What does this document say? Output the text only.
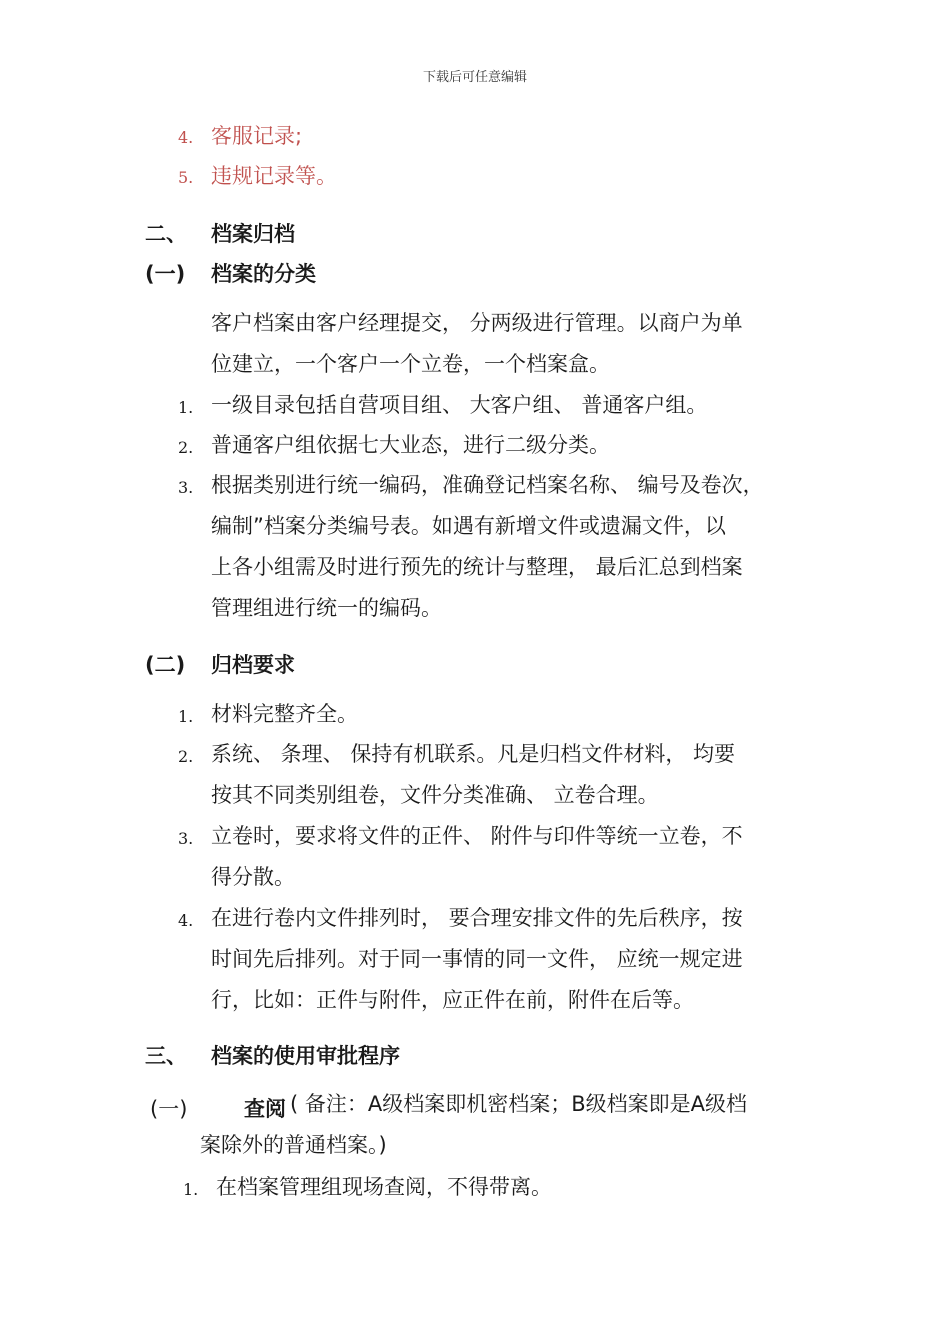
下载后可任意编辑
4. 客服记录;
5. 违规记录等。
二、 档案归档
(一) 档案的分类
客户档案由客户经理提交， 分两级进行管理。以商户为单
位建立，一个客户一个立卷，一个档案盒。
1. 一级目录包括自营项目组、 大客户组、 普通客户组。
2. 普通客户组依据七大业态，进行二级分类。
3. 根据类别进行统一编码，准确登记档案名称、 编号及卷次，
编制”档案分类编号表。如遇有新增文件或遗漏文件，以
上各小组需及时进行预先的统计与整理， 最后汇总到档案
管理组进行统一的编码。
(二) 归档要求
1. 材料完整齐全。
2. 系统、 条理、 保持有机联系。凡是归档文件材料， 均要
按其不同类别组卷，文件分类准确、 立卷合理。
3. 立卷时，要求将文件的正件、 附件与印件等统一立卷，不
得分散。
4. 在进行卷内文件排列时， 要合理安排文件的先后秩序，按
时间先后排列。对于同一事情的同一文件， 应统一规定进
行，比如：正件与附件，应正件在前，附件在后等。
三、 档案的使用审批程序
(一)	查阅 ( 备注：A级档案即机密档案；B级档案即是A级档
案除外的普通档案。)
1. 在档案管理组现场查阅，不得带离。
